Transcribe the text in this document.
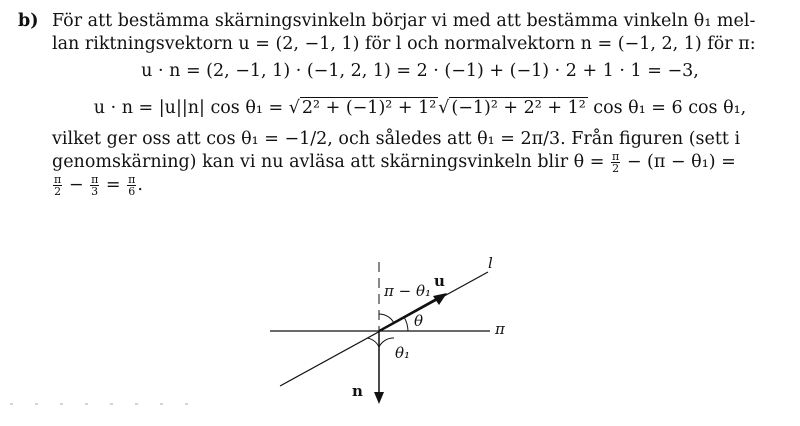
b) För att bestämma skärningsvinkeln börjar vi med att bestämma vinkeln θ₁ mel-
lan riktningsvektorn u = (2, −1, 1) för l och normalvektorn n = (−1, 2, 1) för π:
u · n = (2, −1, 1) · (−1, 2, 1) = 2 · (−1) + (−1) · 2 + 1 · 1 = −3,
u · n = |u||n| cos θ₁ = √ 2² + (−1)² + 1² √ (−1)² + 2² + 1² cos θ₁ = 6 cos θ₁,
vilket ger oss att cos θ₁ = −1/2, och således att θ₁ = 2π/3. Från figuren (sett i
genomskärning) kan vi nu avläsa att skärningsvinkeln blir $\theta = \frac{\pi}{2} - (\pi - \theta_1)$ =
$\frac{\pi}{2} - \frac{\pi}{3} = \frac{\pi}{6}$ .
l
u
π
n
θ
θ₁
π − θ₁
